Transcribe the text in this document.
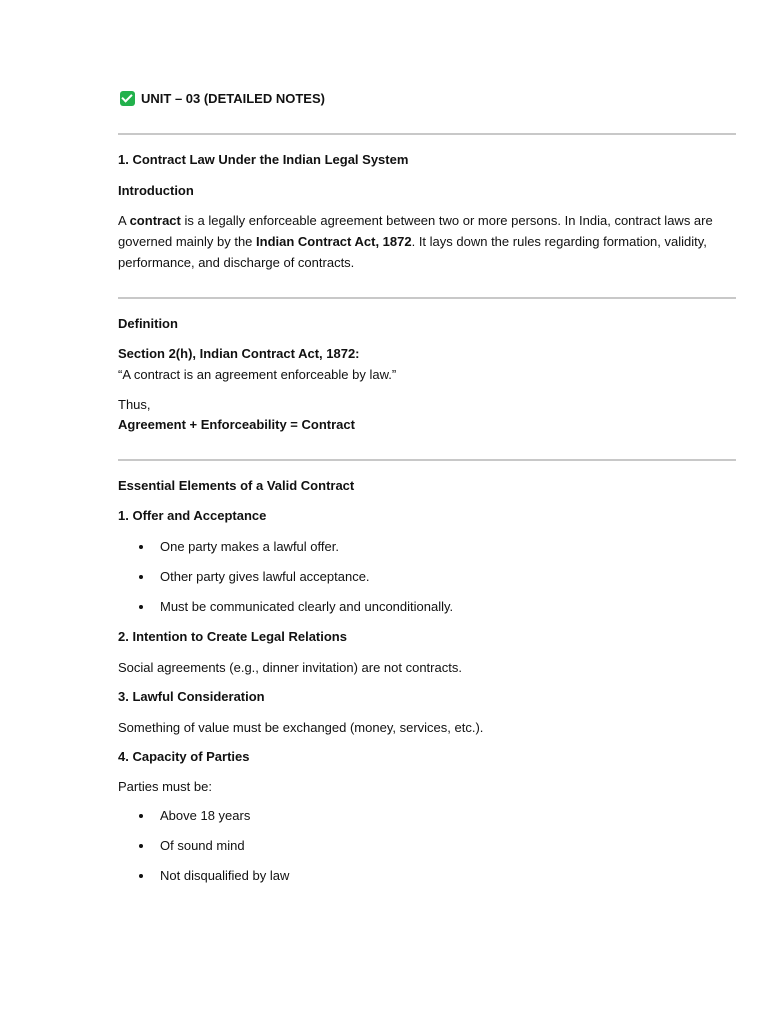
UNIT – 03 (DETAILED NOTES)
1. Contract Law Under the Indian Legal System
Introduction
A contract is a legally enforceable agreement between two or more persons. In India, contract laws are governed mainly by the Indian Contract Act, 1872. It lays down the rules regarding formation, validity, performance, and discharge of contracts.
Definition
Section 2(h), Indian Contract Act, 1872:
“A contract is an agreement enforceable by law.”
Thus,
Agreement + Enforceability = Contract
Essential Elements of a Valid Contract
1. Offer and Acceptance
One party makes a lawful offer.
Other party gives lawful acceptance.
Must be communicated clearly and unconditionally.
2. Intention to Create Legal Relations
Social agreements (e.g., dinner invitation) are not contracts.
3. Lawful Consideration
Something of value must be exchanged (money, services, etc.).
4. Capacity of Parties
Parties must be:
Above 18 years
Of sound mind
Not disqualified by law
